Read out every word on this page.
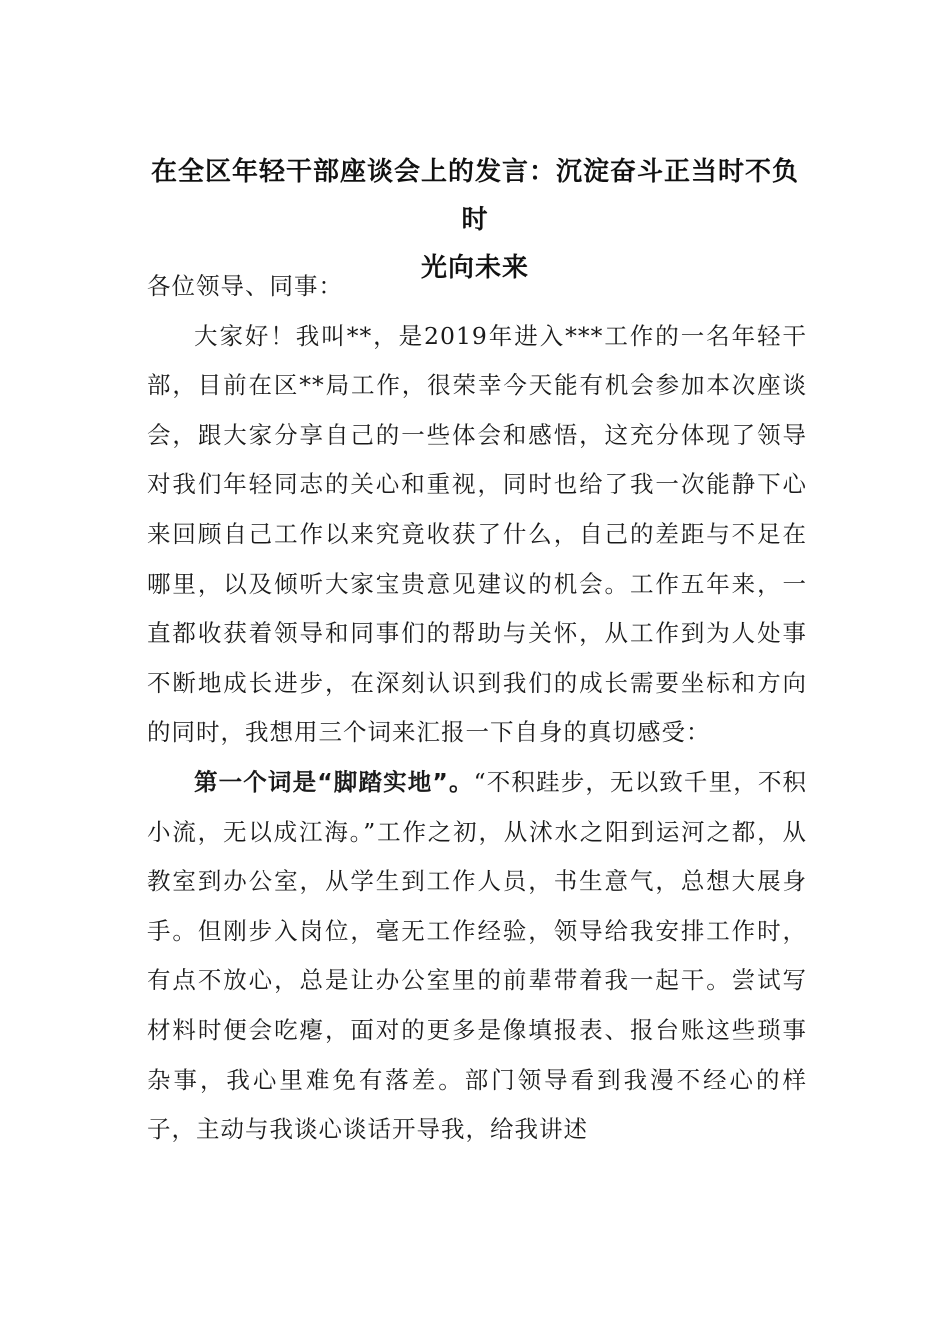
在全区年轻干部座谈会上的发言：沉淀奋斗正当时不负时
光向未来

各位领导、同事：

大家好！我叫**，是2019年进入***工作的一名年轻干部，目前在区**局工作，很荣幸今天能有机会参加本次座谈会，跟大家分享自己的一些体会和感悟，这充分体现了领导对我们年轻同志的关心和重视，同时也给了我一次能静下心来回顾自己工作以来究竟收获了什么，自己的差距与不足在哪里，以及倾听大家宝贵意见建议的机会。工作五年来，一直都收获着领导和同事们的帮助与关怀，从工作到为人处事不断地成长进步，在深刻认识到我们的成长需要坐标和方向的同时，我想用三个词来汇报一下自身的真切感受：

第一个词是“脚踏实地”。“不积跬步，无以致千里，不积小流，无以成江海。”工作之初，从沭水之阳到运河之都，从教室到办公室，从学生到工作人员，书生意气，总想大展身手。但刚步入岗位，毫无工作经验，领导给我安排工作时，有点不放心，总是让办公室里的前辈带着我一起干。尝试写材料时便会吃瘪，面对的更多是像填报表、报台账这些琐事杂事，我心里难免有落差。部门领导看到我漫不经心的样子，主动与我谈心谈话开导我，给我讲述
